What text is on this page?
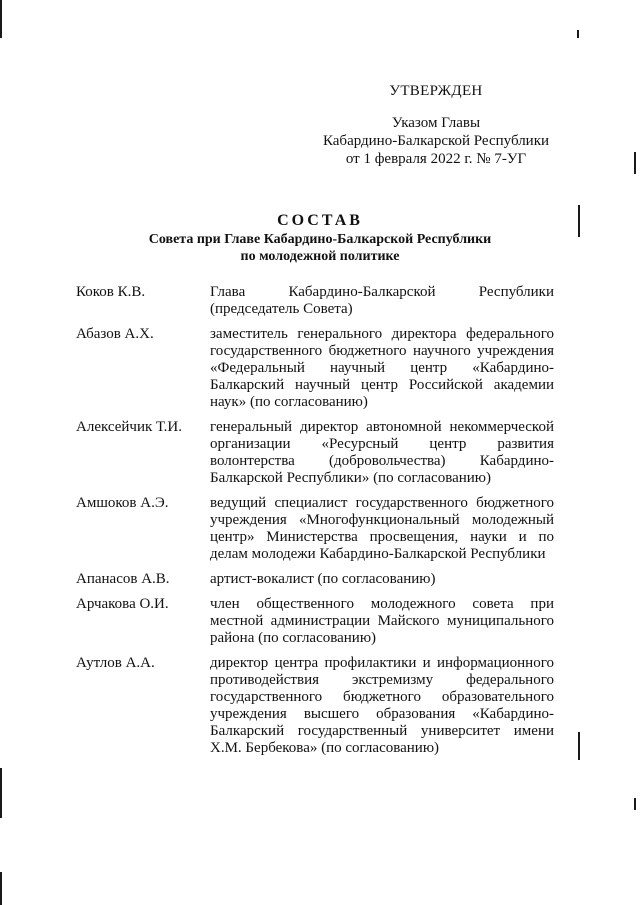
УТВЕРЖДЕН
Указом Главы
Кабардино-Балкарской Республики
от 1 февраля 2022 г. № 7-УГ
СОСТАВ
Совета при Главе Кабардино-Балкарской Республики
по молодежной политике
Коков К.В.	Глава Кабардино-Балкарской Республики (председатель Совета)
Абазов А.Х.	заместитель генерального директора федерального государственного бюджетного научного учреждения «Федеральный научный центр «Кабардино-Балкарский научный центр Российской академии наук» (по согласованию)
Алексейчик Т.И.	генеральный директор автономной некоммерческой организации «Ресурсный центр развития волонтерства (добровольчества) Кабардино-Балкарской Республики» (по согласованию)
Амшоков А.Э.	ведущий специалист государственного бюджетного учреждения «Многофункциональный молодежный центр» Министерства просвещения, науки и по делам молодежи Кабардино-Балкарской Республики
Апанасов А.В.	артист-вокалист (по согласованию)
Арчакова О.И.	член общественного молодежного совета при местной администрации Майского муниципального района (по согласованию)
Аутлов А.А.	директор центра профилактики и информационного противодействия экстремизму федерального государственного бюджетного образовательного учреждения высшего образования «Кабардино-Балкарский государственный университет имени Х.М. Бербекова» (по согласованию)
